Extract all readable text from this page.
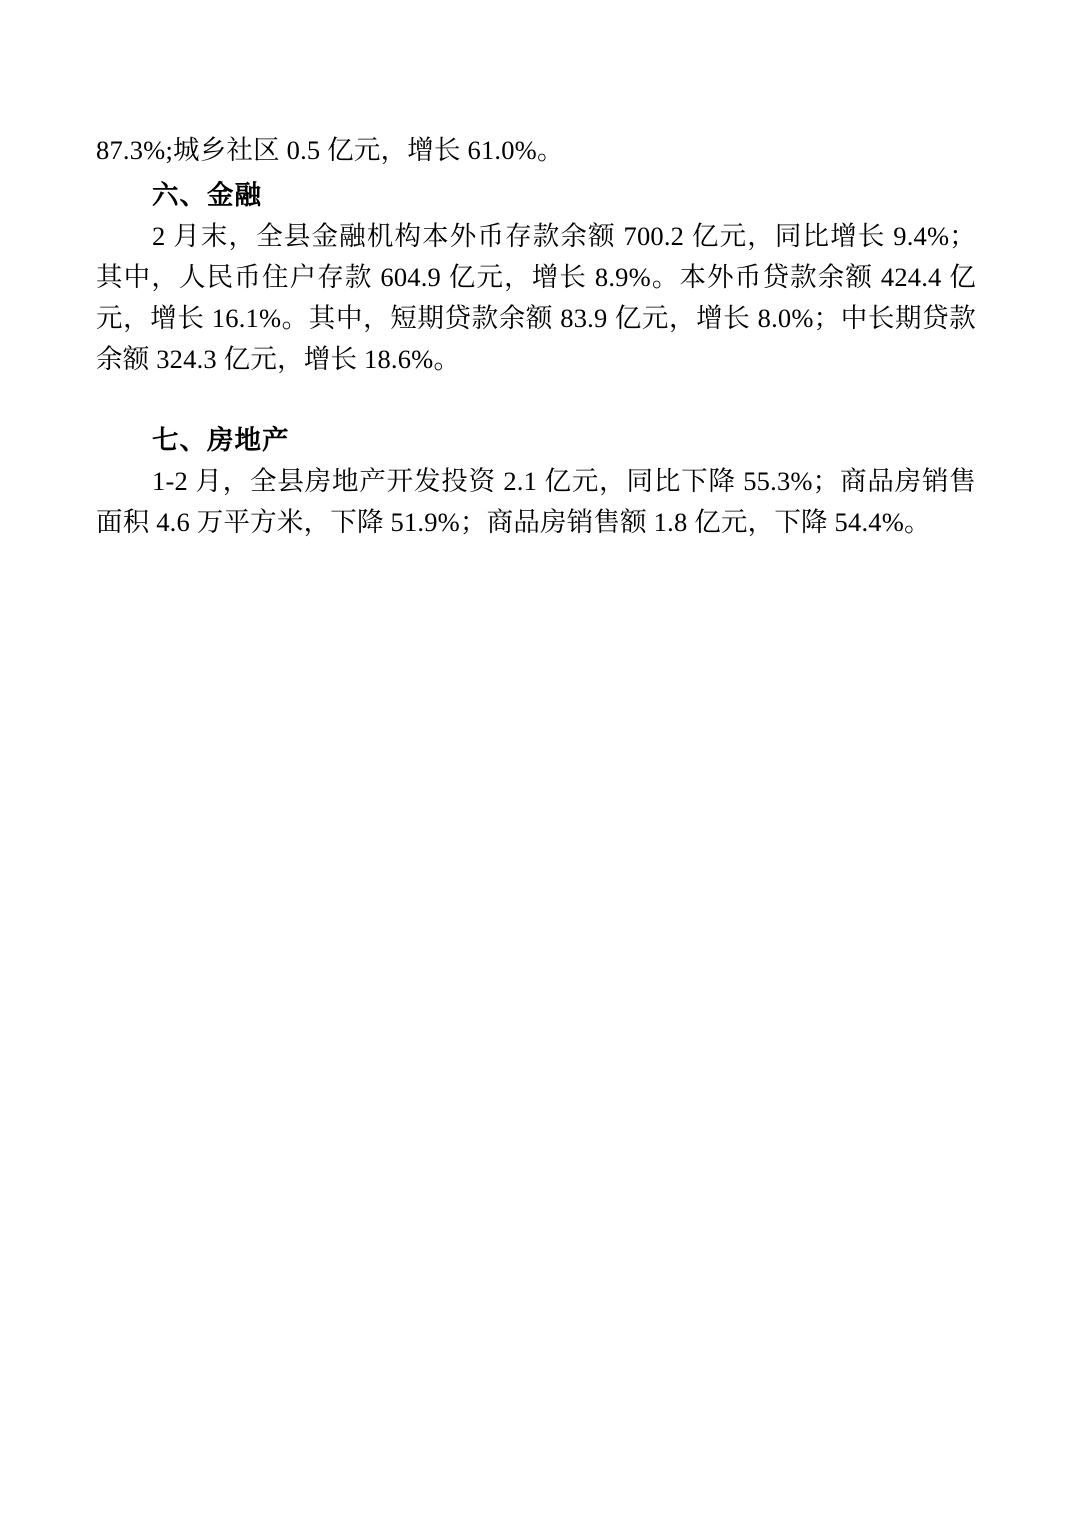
87.3%;城乡社区 0.5 亿元，增长 61.0%。

六、金融

2 月末，全县金融机构本外币存款余额 700.2 亿元，同比增长 9.4%；其中，人民币住户存款 604.9 亿元，增长 8.9%。本外币贷款余额 424.4 亿元，增长 16.1%。其中，短期贷款余额 83.9 亿元，增长 8.0%；中长期贷款余额 324.3 亿元，增长 18.6%。

七、房地产

1-2 月，全县房地产开发投资 2.1 亿元，同比下降 55.3%；商品房销售面积 4.6 万平方米，下降 51.9%；商品房销售额 1.8 亿元，下降 54.4%。
